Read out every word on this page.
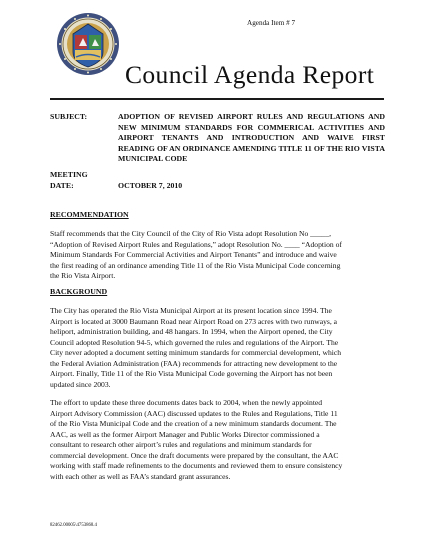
Agenda Item # 7
Council Agenda Report
SUBJECT:	ADOPTION OF REVISED AIRPORT RULES AND REGULATIONS AND NEW MINIMUM STANDARDS FOR COMMERICAL ACTIVITIES AND AIRPORT TENANTS AND INTRODUCTION AND WAIVE FIRST READING OF AN ORDINANCE AMENDING TITLE 11 OF THE RIO VISTA MUNICIPAL CODE
MEETING
DATE:	OCTOBER 7, 2010
RECOMMENDATION
Staff recommends that the City Council of the City of Rio Vista adopt Resolution No _____,
“Adoption of Revised Airport Rules and Regulations,” adopt Resolution No. ____ “Adoption of
Minimum Standards For Commercial Activities and Airport Tenants” and introduce and waive
the first reading of an ordinance amending Title 11 of the Rio Vista Municipal Code concerning
the Rio Vista Airport.
BACKGROUND
The City has operated the Rio Vista Municipal Airport at its present location since 1994. The
Airport is located at 3000 Baumann Road near Airport Road on 273 acres with two runways, a
heliport, administration building, and 48 hangars. In 1994, when the Airport opened, the City
Council adopted Resolution 94-5, which governed the rules and regulations of the Airport. The
City never adopted a document setting minimum standards for commercial development, which
the Federal Aviation Administration (FAA) recommends for attracting new development to the
Airport. Finally, Title 11 of the Rio Vista Municipal Code governing the Airport has not been
updated since 2003.
The effort to update these three documents dates back to 2004, when the newly appointed
Airport Advisory Commission (AAC) discussed updates to the Rules and Regulations, Title 11
of the Rio Vista Municipal Code and the creation of a new minimum standards document. The
AAC, as well as the former Airport Manager and Public Works Director commissioned a
consultant to research other airport’s rules and regulations and minimum standards for
commercial development. Once the draft documents were prepared by the consultant, the AAC
working with staff made refinements to the documents and reviewed them to ensure consistency
with each other as well as FAA’s standard grant assurances.
82462.00005\4753868.4
